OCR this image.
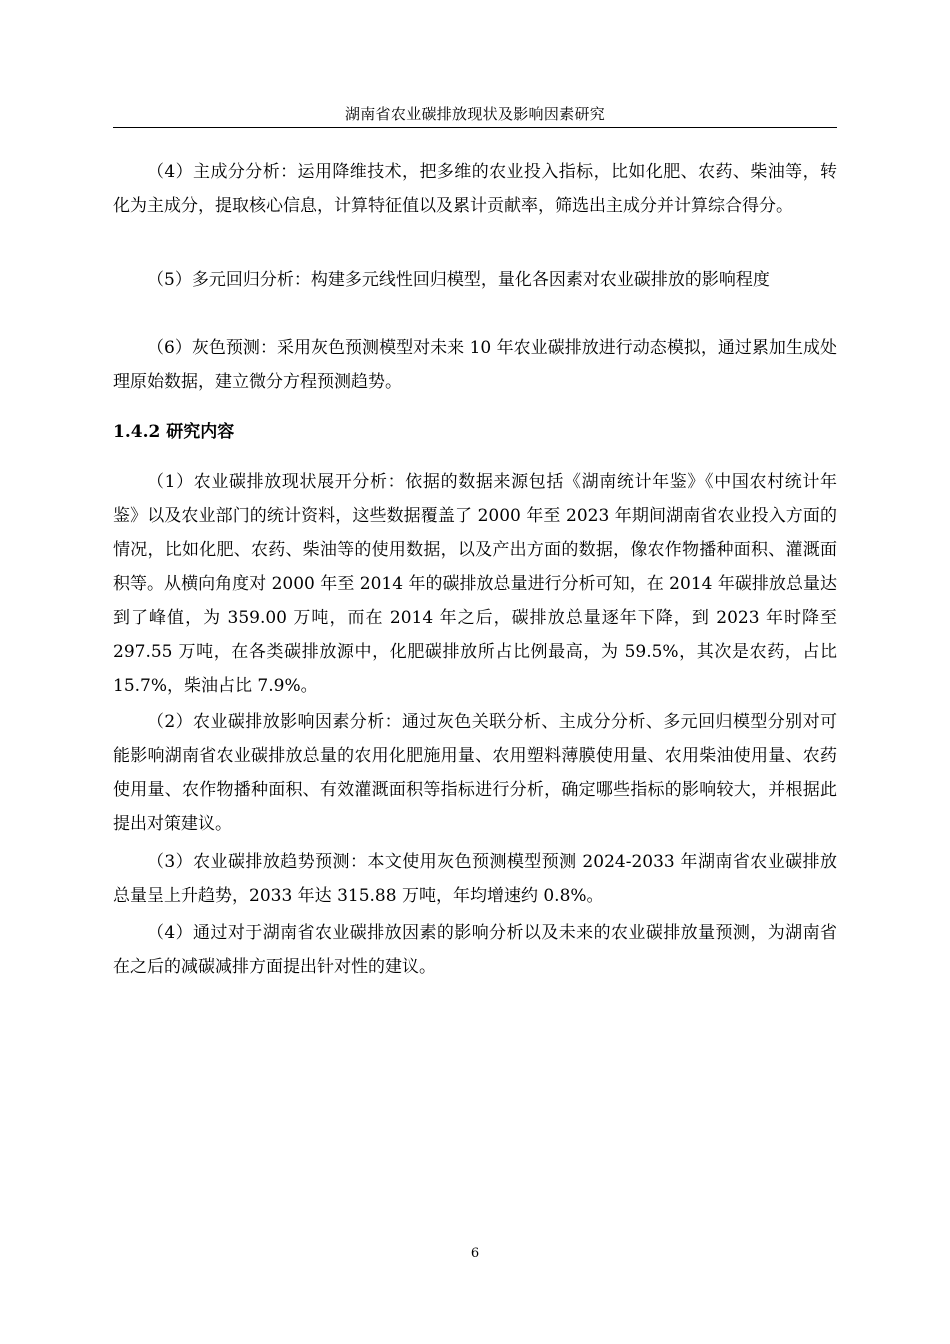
湖南省农业碳排放现状及影响因素研究

（4）主成分分析：运用降维技术，把多维的农业投入指标，比如化肥、农药、柴油等，转化为主成分，提取核心信息，计算特征值以及累计贡献率，筛选出主成分并计算综合得分。

（5）多元回归分析：构建多元线性回归模型，量化各因素对农业碳排放的影响程度

（6）灰色预测：采用灰色预测模型对未来 10 年农业碳排放进行动态模拟，通过累加生成处理原始数据，建立微分方程预测趋势。

1.4.2 研究内容

（1）农业碳排放现状展开分析：依据的数据来源包括《湖南统计年鉴》《中国农村统计年鉴》以及农业部门的统计资料，这些数据覆盖了 2000 年至 2023 年期间湖南省农业投入方面的情况，比如化肥、农药、柴油等的使用数据，以及产出方面的数据，像农作物播种面积、灌溉面积等。从横向角度对 2000 年至 2014 年的碳排放总量进行分析可知，在 2014 年碳排放总量达到了峰值，为 359.00 万吨，而在 2014 年之后，碳排放总量逐年下降，到 2023 年时降至 297.55 万吨，在各类碳排放源中，化肥碳排放所占比例最高，为 59.5%，其次是农药，占比 15.7%，柴油占比 7.9%。

（2）农业碳排放影响因素分析：通过灰色关联分析、主成分分析、多元回归模型分别对可能影响湖南省农业碳排放总量的农用化肥施用量、农用塑料薄膜使用量、农用柴油使用量、农药使用量、农作物播种面积、有效灌溉面积等指标进行分析，确定哪些指标的影响较大，并根据此提出对策建议。

（3）农业碳排放趋势预测：本文使用灰色预测模型预测 2024-2033 年湖南省农业碳排放总量呈上升趋势，2033 年达 315.88 万吨，年均增速约 0.8%。

（4）通过对于湖南省农业碳排放因素的影响分析以及未来的农业碳排放量预测，为湖南省在之后的减碳减排方面提出针对性的建议。

6
